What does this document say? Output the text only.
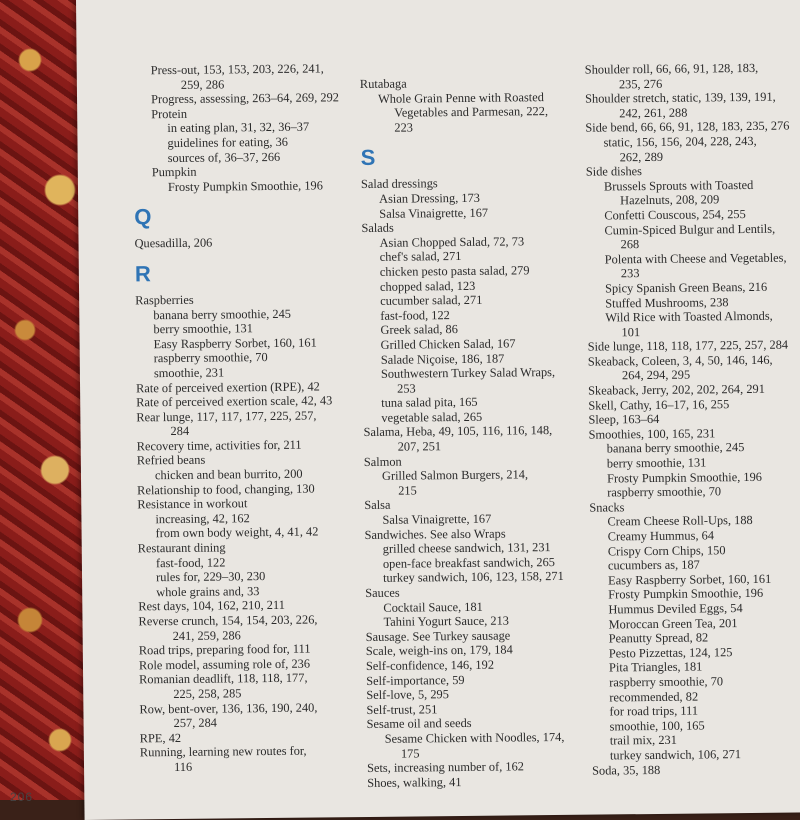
Press-out, 153, 153, 203, 226, 241,
259, 286
Progress, assessing, 263–64, 269, 292
Protein
in eating plan, 31, 32, 36–37
guidelines for eating, 36
sources of, 36–37, 266
Pumpkin
Frosty Pumpkin Smoothie, 196
Q
Quesadilla, 206
R
Raspberries
banana berry smoothie, 245
berry smoothie, 131
Easy Raspberry Sorbet, 160, 161
raspberry smoothie, 70
smoothie, 231
Rate of perceived exertion (RPE), 42
Rate of perceived exertion scale, 42, 43
Rear lunge, 117, 117, 177, 225, 257,
284
Recovery time, activities for, 211
Refried beans
chicken and bean burrito, 200
Relationship to food, changing, 130
Resistance in workout
increasing, 42, 162
from own body weight, 4, 41, 42
Restaurant dining
fast-food, 122
rules for, 229–30, 230
whole grains and, 33
Rest days, 104, 162, 210, 211
Reverse crunch, 154, 154, 203, 226,
241, 259, 286
Road trips, preparing food for, 111
Role model, assuming role of, 236
Romanian deadlift, 118, 118, 177,
225, 258, 285
Row, bent-over, 136, 136, 190, 240,
257, 284
RPE, 42
Running, learning new routes for,
116
Rutabaga
Whole Grain Penne with Roasted
Vegetables and Parmesan, 222,
223
S
Salad dressings
Asian Dressing, 173
Salsa Vinaigrette, 167
Salads
Asian Chopped Salad, 72, 73
chef's salad, 271
chicken pesto pasta salad, 279
chopped salad, 123
cucumber salad, 271
fast-food, 122
Greek salad, 86
Grilled Chicken Salad, 167
Salade Niçoise, 186, 187
Southwestern Turkey Salad Wraps,
253
tuna salad pita, 165
vegetable salad, 265
Salama, Heba, 49, 105, 116, 116, 148,
207, 251
Salmon
Grilled Salmon Burgers, 214,
215
Salsa
Salsa Vinaigrette, 167
Sandwiches. See also Wraps
grilled cheese sandwich, 131, 231
open-face breakfast sandwich, 265
turkey sandwich, 106, 123, 158, 271
Sauces
Cocktail Sauce, 181
Tahini Yogurt Sauce, 213
Sausage. See Turkey sausage
Scale, weigh-ins on, 179, 184
Self-confidence, 146, 192
Self-importance, 59
Self-love, 5, 295
Self-trust, 251
Sesame oil and seeds
Sesame Chicken with Noodles, 174,
175
Sets, increasing number of, 162
Shoes, walking, 41
Shoulder roll, 66, 66, 91, 128, 183,
235, 276
Shoulder stretch, static, 139, 139, 191,
242, 261, 288
Side bend, 66, 66, 91, 128, 183, 235, 276
static, 156, 156, 204, 228, 243,
262, 289
Side dishes
Brussels Sprouts with Toasted
Hazelnuts, 208, 209
Confetti Couscous, 254, 255
Cumin-Spiced Bulgur and Lentils,
268
Polenta with Cheese and Vegetables,
233
Spicy Spanish Green Beans, 216
Stuffed Mushrooms, 238
Wild Rice with Toasted Almonds,
101
Side lunge, 118, 118, 177, 225, 257, 284
Skeaback, Coleen, 3, 4, 50, 146, 146,
264, 294, 295
Skeaback, Jerry, 202, 202, 264, 291
Skell, Cathy, 16–17, 16, 255
Sleep, 163–64
Smoothies, 100, 165, 231
banana berry smoothie, 245
berry smoothie, 131
Frosty Pumpkin Smoothie, 196
raspberry smoothie, 70
Snacks
Cream Cheese Roll-Ups, 188
Creamy Hummus, 64
Crispy Corn Chips, 150
cucumbers as, 187
Easy Raspberry Sorbet, 160, 161
Frosty Pumpkin Smoothie, 196
Hummus Deviled Eggs, 54
Moroccan Green Tea, 201
Peanutty Spread, 82
Pesto Pizzettas, 124, 125
Pita Triangles, 181
raspberry smoothie, 70
recommended, 82
for road trips, 111
smoothie, 100, 165
trail mix, 231
turkey sandwich, 106, 271
Soda, 35, 188
206
